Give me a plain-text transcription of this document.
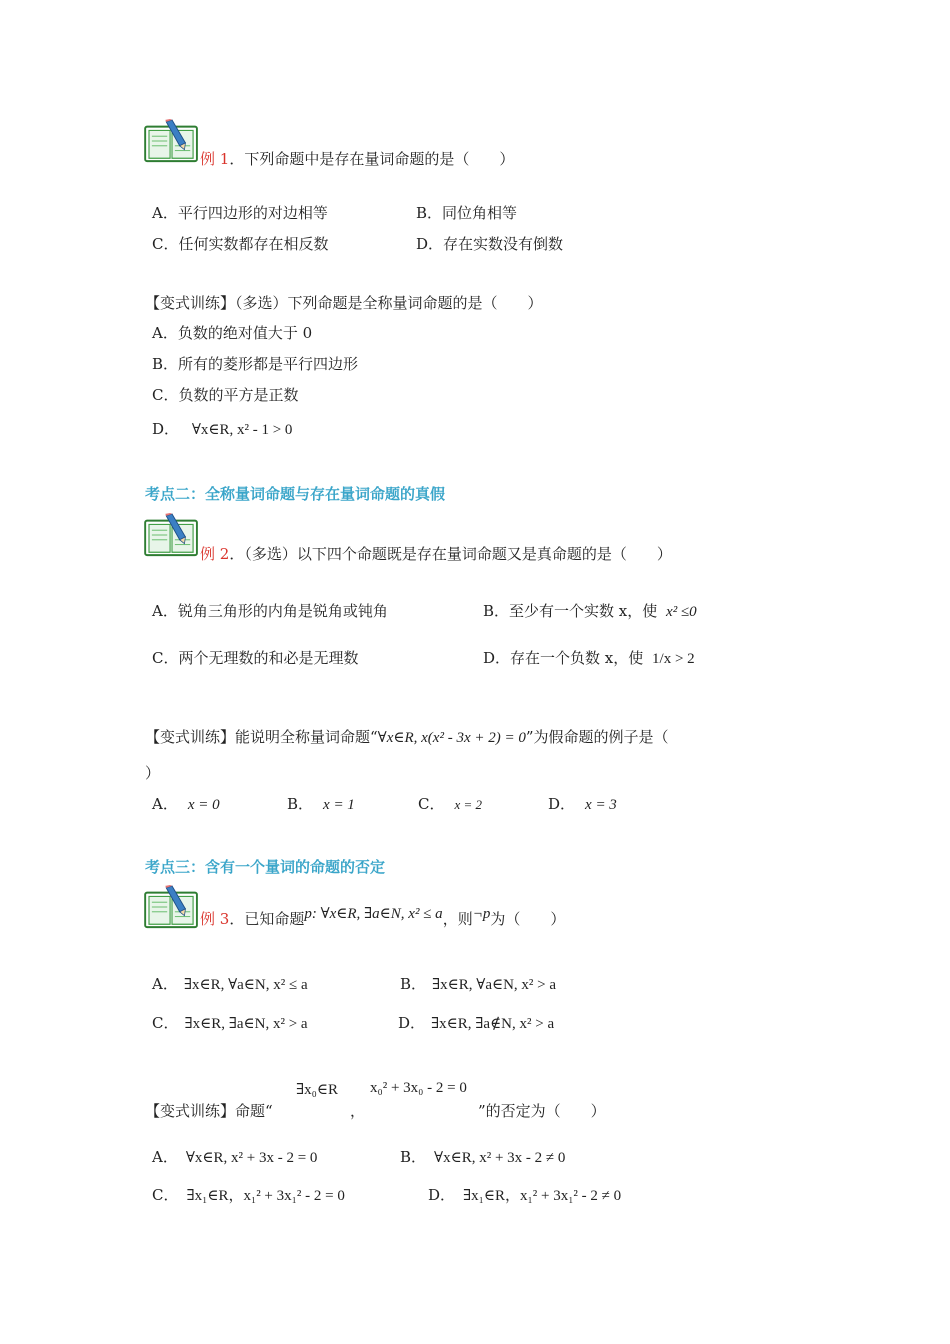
例 1．下列命题中是存在量词命题的是（　　）
A．平行四边形的对边相等	B．同位角相等
C．任何实数都存在相反数	D．存在实数没有倒数
【变式训练】（多选）下列命题是全称量词命题的是（　　）
A．负数的绝对值大于 0
B．所有的菱形都是平行四边形
C．负数的平方是正数
D． ∀x∈R, x² - 1 > 0
考点二：全称量词命题与存在量词命题的真假
例 2．（多选）以下四个命题既是存在量词命题又是真命题的是（　　）
A．锐角三角形的内角是锐角或钝角	B．至少有一个实数 x，使 x² ≤0
C．两个无理数的和必是无理数	D．存在一个负数 x，使 1/x > 2
【变式训练】能说明全称量词命题“∀x∈R, x(x² - 3x + 2) = 0”为假命题的例子是（
）
A． x = 0	B． x = 1	C． x = 2	D． x = 3
考点三：含有一个量词的命题的否定
例 3．已知命题p: ∀x∈R, ∃a∈N, x² ≤ a，则¬p为（　　）
A． ∃x∈R, ∀a∈N, x² ≤ a	B． ∃x∈R, ∀a∈N, x² > a
C． ∃x∈R, ∃a∈N, x² > a	D． ∃x∈R, ∃a∉N, x² > a
∃x₀∈R x₀² + 3x₀ - 2 = 0
【变式训练】命题“	，	”的否定为（　　）
A． ∀x∈R, x² + 3x - 2 = 0	B． ∀x∈R, x² + 3x - 2 ≠ 0
C． ∃x₁∈R，x₁² + 3x₁² - 2 = 0	D． ∃x₁∈R，x₁² + 3x₁² - 2 ≠ 0
